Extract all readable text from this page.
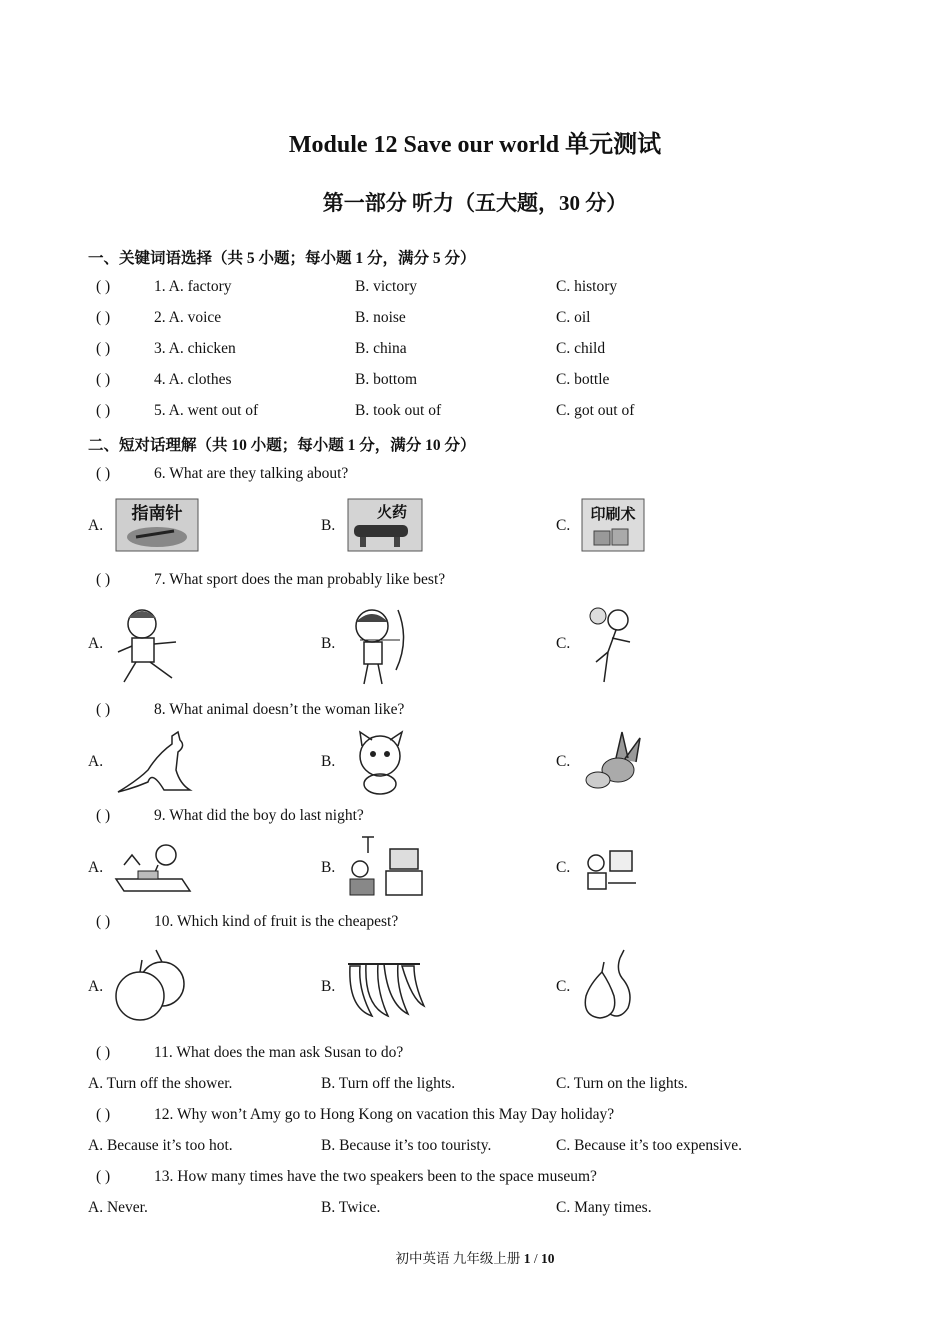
Module 12 Save our world 单元测试
第一部分 听力（五大题，30 分）
一、关键词语选择（共 5 小题；每小题 1 分，满分 5 分）
( )	1. A. factory	B. victory	C. history
( )	2. A. voice	B. noise	C. oil
( )	3. A. chicken	B. china	C. child
( )	4. A. clothes	B. bottom	C. bottle
( )	5. A. went out of	B. took out of	C. got out of
二、短对话理解（共 10 小题；每小题 1 分，满分 10 分）
( )	6. What are they talking about?
A.
指南针
B.
火药
C.
印刷术
( )	7. What sport does the man probably like best?
A.	B.	C.
( )	8. What animal doesn’t the woman like?
A.	B.	C.
( )	9. What did the boy do last night?
A.	B.	C.
( )	10. Which kind of fruit is the cheapest?
A.	B.	C.
( )	11. What does the man ask Susan to do?
A. Turn off the shower.	B. Turn off the lights.	C. Turn on the lights.
( )	12. Why won’t Amy go to Hong Kong on vacation this May Day holiday?
A. Because it’s too hot.	B. Because it’s too touristy.	C. Because it’s too expensive.
( )	13. How many times have the two speakers been to the space museum?
A. Never.	B. Twice.	C. Many times.
初中英语 九年级上册 1 / 10
